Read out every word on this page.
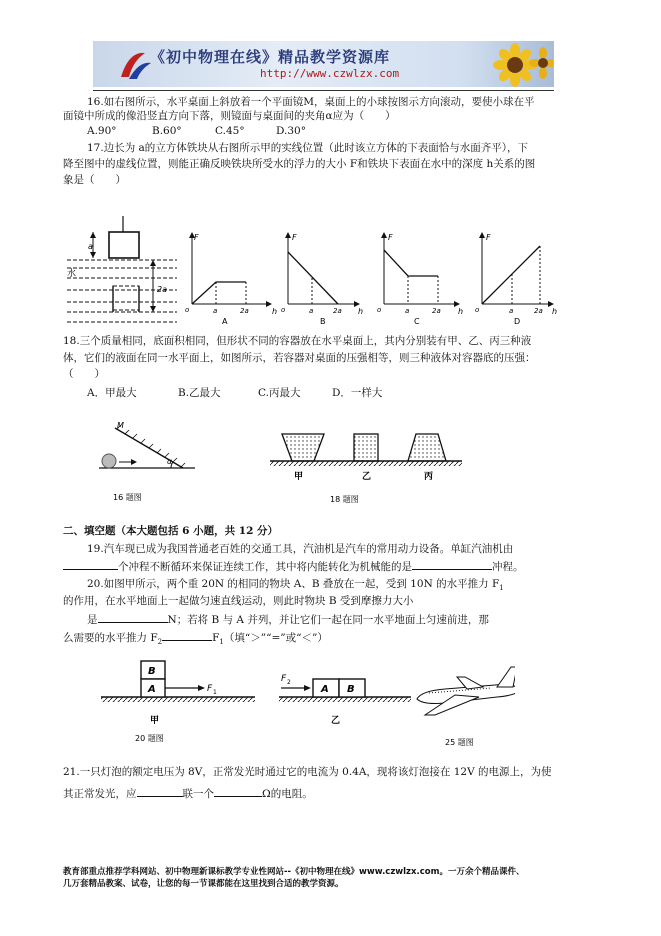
《初中物理在线》精品教学资源库
http://www.czwlzx.com
16.如右图所示，水平桌面上斜放着一个平面镜M，桌面上的小球按图示方向滚动，要使小球在平
面镜中所成的像沿竖直方向下落，则镜面与桌面间的夹角α应为（　　）
A.90°	B.60°	C.45°	D.30°
17.边长为 a的立方体铁块从右图所示甲的实线位置（此时该立方体的下表面恰与水面齐平），下
降至图中的虚线位置，则能正确反映铁块所受水的浮力的大小 F和铁块下表面在水中的深度 h关系的图
象是（　　）
a
2a
水
F
h
o	a	2a
A
F
h
o	a	2a
B
F
h
o	a	2a
C
F
h
o	a	2a
D
18.三个质量相同，底面积相同，但形状不同的容器放在水平桌面上，其内分别装有甲、乙、丙三种液
体，它们的液面在同一水平面上，如图所示，若容器对桌面的压强相等，则三种液体对容器底的压强：
（　　）
A．甲最大	B.乙最大	C.丙最大	D．一样大
M
α
16 题图
甲	乙	丙
18 题图
二、填空题（本大题包括 6 小题，共 12 分）
19.汽车现已成为我国普通老百姓的交通工具，汽油机是汽车的常用动力设备。单缸汽油机由
个冲程不断循环来保证连续工作，其中将内能转化为机械能的是	冲程。
20.如图甲所示，两个重 20N 的相同的物块 A、B 叠放在一起，受到 10N 的水平推力 $F_1$
的作用，在水平地面上一起做匀速直线运动，则此时物块 B 受到摩擦力大小
是	N；若将 B 与 A 并列，并让它们一起在同一水平地面上匀速前进，那
么需要的水平推力 $F_2$	$F_1$（填“＞”“=”或“＜”）
B
A	F 1
甲
20 题图
A B
F 2
乙
25 题图
21.一只灯泡的额定电压为 8V，正常发光时通过它的电流为 0.4A，现将该灯泡接在 12V 的电源上，为使
其正常发光，应	联一个	Ω的电阻。
教育部重点推荐学科网站、初中物理新课标教学专业性网站--《初中物理在线》www.czwlzx.com。一万余个精品课件、
几万套精品教案、试卷，让您的每一节课都能在这里找到合适的教学资源。
